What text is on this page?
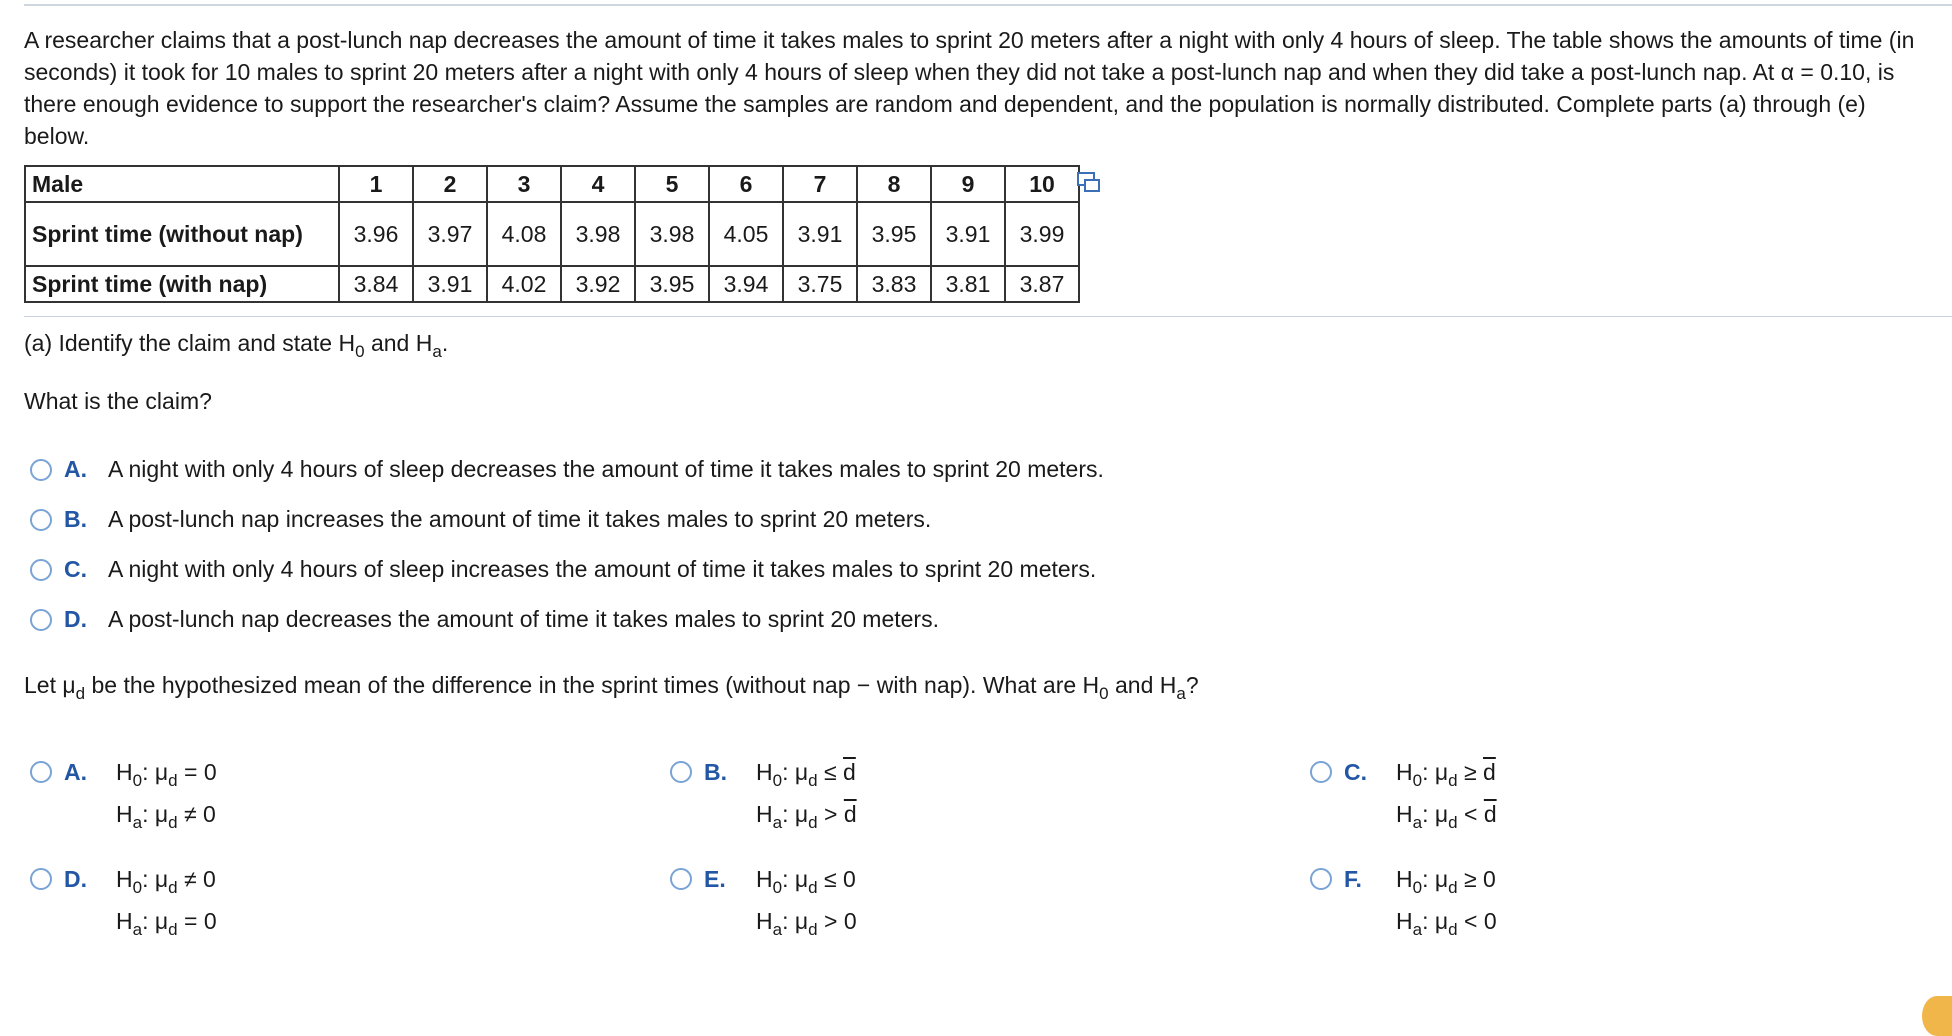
A researcher claims that a post-lunch nap decreases the amount of time it takes males to sprint 20 meters after a night with only 4 hours of sleep. The table shows the amounts of time (in seconds) it took for 10 males to sprint 20 meters after a night with only 4 hours of sleep when they did not take a post-lunch nap and when they did take a post-lunch nap. At α = 0.10, is there enough evidence to support the researcher's claim? Assume the samples are random and dependent, and the population is normally distributed. Complete parts (a) through (e) below.
Male	1	2	3	4	5	6	7	8	9	10
Sprint time (without nap)	3.96	3.97	4.08	3.98	3.98	4.05	3.91	3.95	3.91	3.99
Sprint time (with nap)	3.84	3.91	4.02	3.92	3.95	3.94	3.75	3.83	3.81	3.87
(a) Identify the claim and state $H_0$ and $H_a$.
What is the claim?
A. A night with only 4 hours of sleep decreases the amount of time it takes males to sprint 20 meters.
B. A post-lunch nap increases the amount of time it takes males to sprint 20 meters.
C. A night with only 4 hours of sleep increases the amount of time it takes males to sprint 20 meters.
D. A post-lunch nap decreases the amount of time it takes males to sprint 20 meters.
Let $\mu_d$ be the hypothesized mean of the difference in the sprint times (without nap − with nap). What are $H_0$ and $H_a$?
A.	$H_0$: $\mu_d = 0$
$H_a$: $\mu_d \ne 0$
B.	$H_0$: $\mu_d \le \overline{d}$
$H_a$: $\mu_d > \overline{d}$
C.	$H_0$: $\mu_d \ge \overline{d}$
$H_a$: $\mu_d < \overline{d}$
D.	$H_0$: $\mu_d \ne 0$
$H_a$: $\mu_d = 0$
E.	$H_0$: $\mu_d \le 0$
$H_a$: $\mu_d > 0$
F.	$H_0$: $\mu_d \ge 0$
$H_a$: $\mu_d < 0$
